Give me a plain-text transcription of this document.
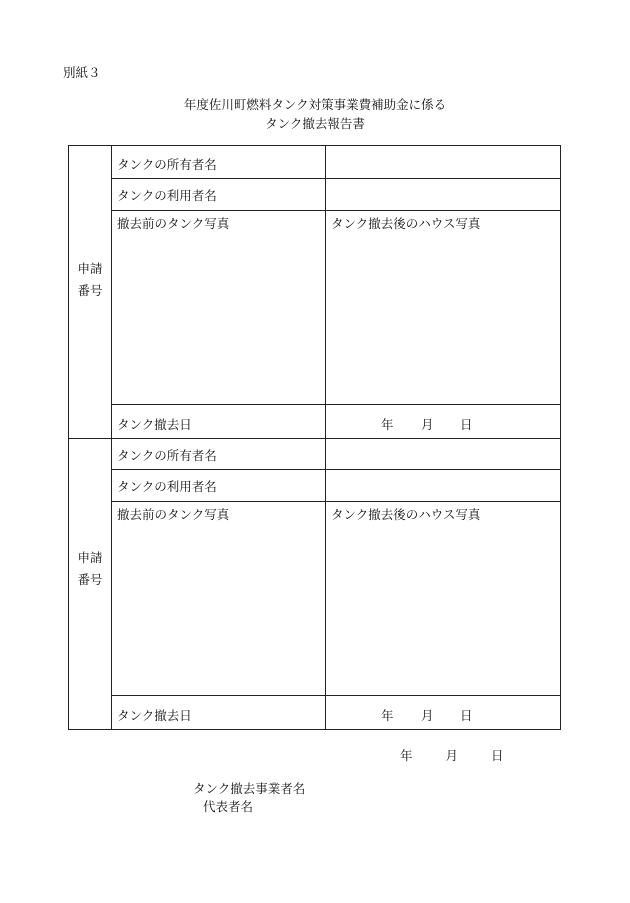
別紙３
年度佐川町燃料タンク対策事業費補助金に係る
タンク撤去報告書
申請
番号
タンクの所有者名
タンクの利用者名
撤去前のタンク写真	タンク撤去後のハウス写真
タンク撤去日	年 月 日
申請
番号
タンクの所有者名
タンクの利用者名
撤去前のタンク写真	タンク撤去後のハウス写真
タンク撤去日	年 月 日
年	月	日
タンク撤去事業者名
代表者名
